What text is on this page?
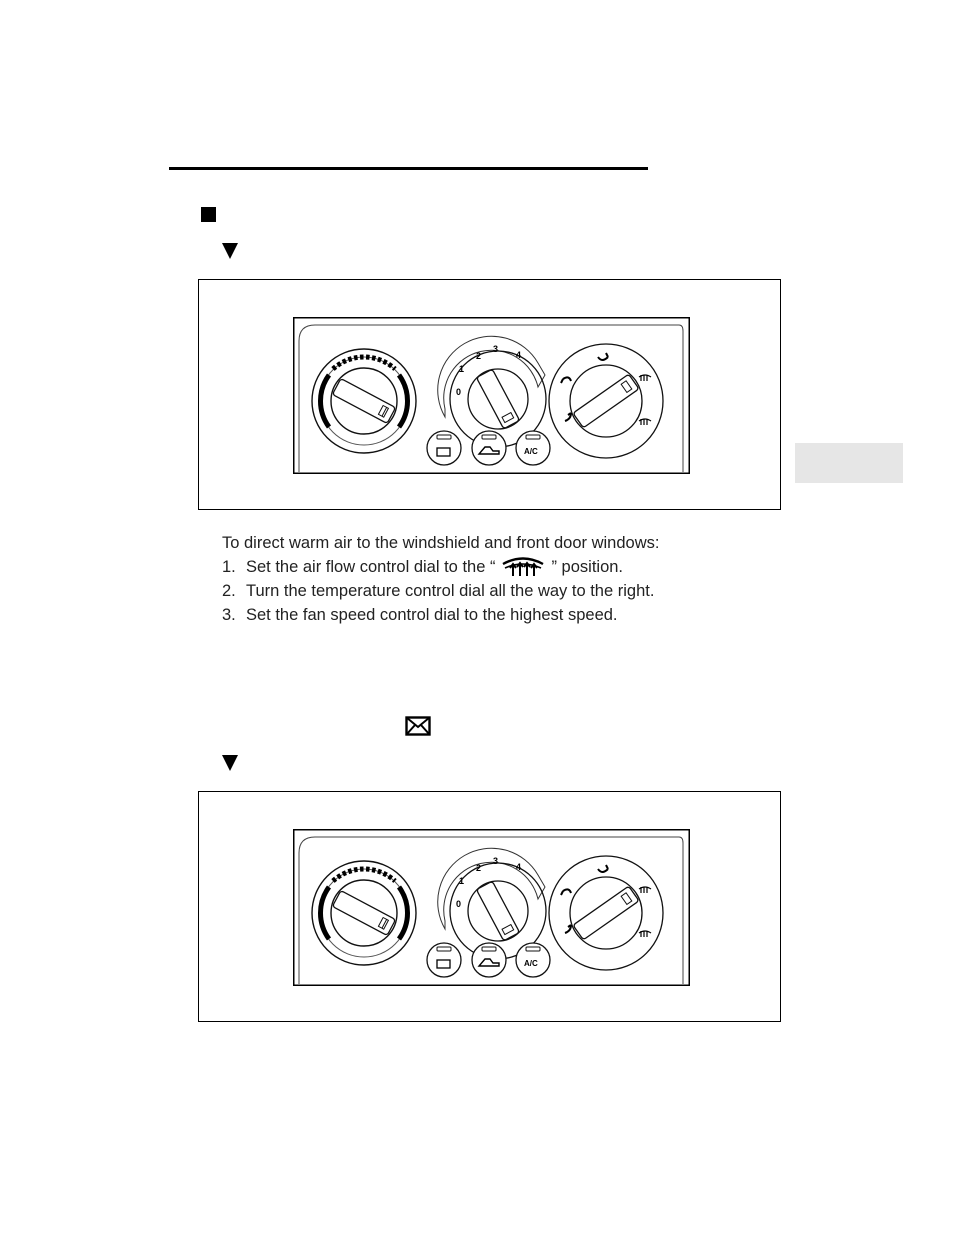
0
1
2
3
4
A/C

To direct warm air to the windshield and front door windows:

1. Set the air flow control dial to the “	” position.

2. Turn the temperature control dial all the way to the right.

3. Set the fan speed control dial to the highest speed.

0
1
2
3
4
A/C
